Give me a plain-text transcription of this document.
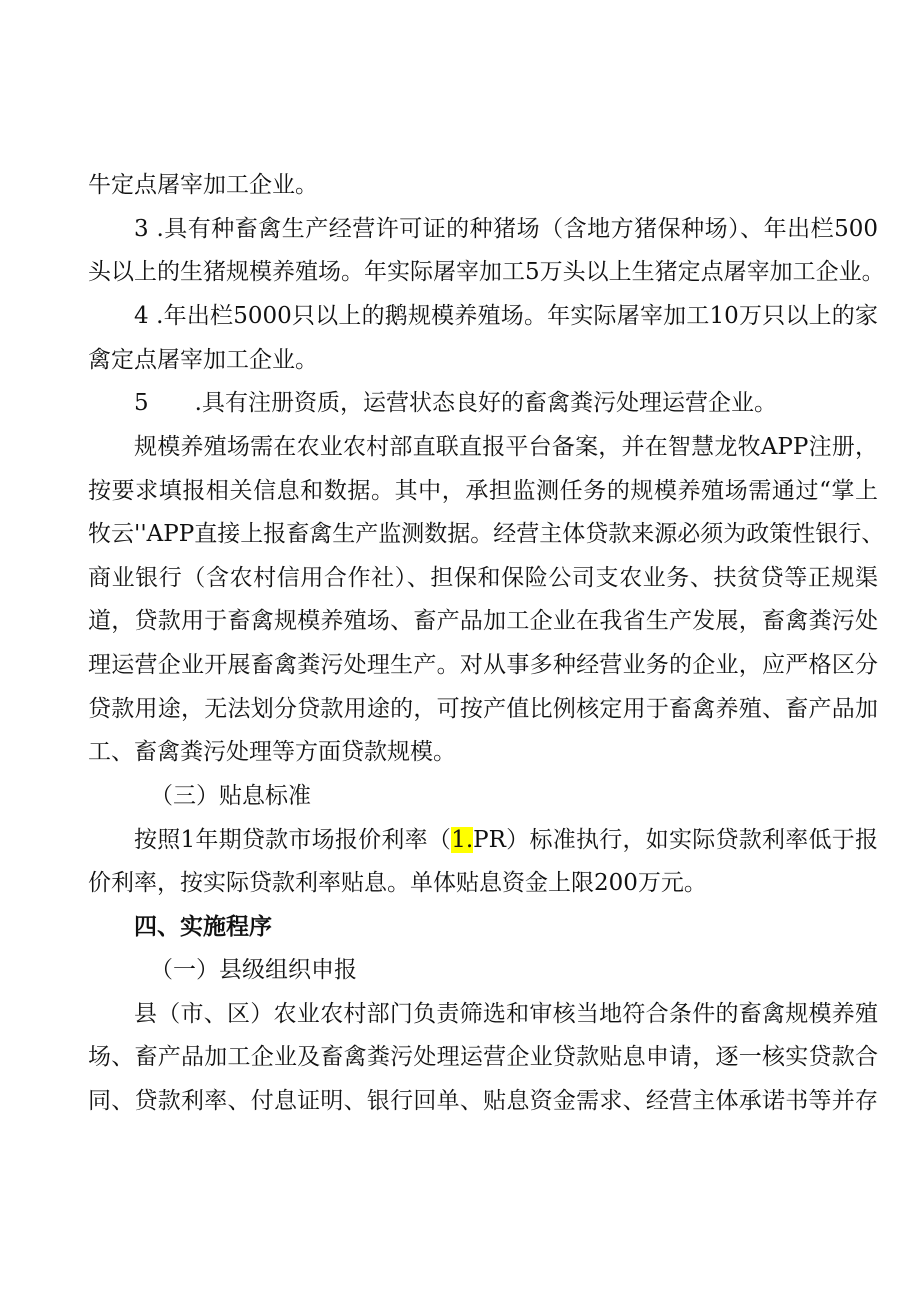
牛定点屠宰加工企业。
3 .具有种畜禽生产经营许可证的种猪场（含地方猪保种场）、年出栏500
头以上的生猪规模养殖场。年实际屠宰加工5万头以上生猪定点屠宰加工企业。
4 .年出栏5000只以上的鹅规模养殖场。年实际屠宰加工10万只以上的家
禽定点屠宰加工企业。
5　　.具有注册资质，运营状态良好的畜禽粪污处理运营企业。
规模养殖场需在农业农村部直联直报平台备案，并在智慧龙牧APP注册，
按要求填报相关信息和数据。其中，承担监测任务的规模养殖场需通过“掌上
牧云''APP直接上报畜禽生产监测数据。经营主体贷款来源必须为政策性银行、
商业银行（含农村信用合作社）、担保和保险公司支农业务、扶贫贷等正规渠
道，贷款用于畜禽规模养殖场、畜产品加工企业在我省生产发展，畜禽粪污处
理运营企业开展畜禽粪污处理生产。对从事多种经营业务的企业，应严格区分
贷款用途，无法划分贷款用途的，可按产值比例核定用于畜禽养殖、畜产品加
工、畜禽粪污处理等方面贷款规模。
（三）贴息标准
按照1年期贷款市场报价利率（1.PR）标准执行，如实际贷款利率低于报
价利率，按实际贷款利率贴息。单体贴息资金上限200万元。
四、实施程序
（一）县级组织申报
县（市、区）农业农村部门负责筛选和审核当地符合条件的畜禽规模养殖
场、畜产品加工企业及畜禽粪污处理运营企业贷款贴息申请，逐一核实贷款合
同、贷款利率、付息证明、银行回单、贴息资金需求、经营主体承诺书等并存
